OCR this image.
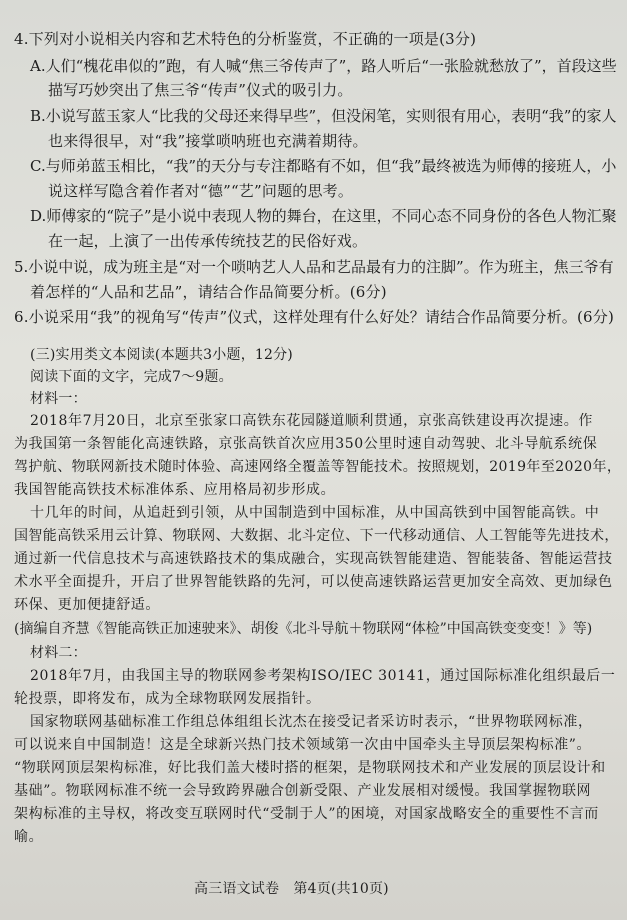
4.下列对小说相关内容和艺术特色的分析鉴赏，不正确的一项是(3分)
A.人们“槐花串似的”跑，有人喊“焦三爷传声了”，路人听后“一张脸就愁放了”，首段这些
描写巧妙突出了焦三爷“传声”仪式的吸引力。
B.小说写蓝玉家人“比我的父母还来得早些”，但没闲笔，实则很有用心，表明“我”的家人
也来得很早，对“我”接掌唢呐班也充满着期待。
C.与师弟蓝玉相比，“我”的天分与专注都略有不如，但“我”最终被选为师傅的接班人，小
说这样写隐含着作者对“德”“艺”问题的思考。
D.师傅家的“院子”是小说中表现人物的舞台，在这里，不同心态不同身份的各色人物汇聚
在一起，上演了一出传承传统技艺的民俗好戏。
5.小说中说，成为班主是“对一个唢呐艺人人品和艺品最有力的注脚”。作为班主，焦三爷有
着怎样的“人品和艺品”，请结合作品简要分析。(6分)
6.小说采用“我”的视角写“传声”仪式，这样处理有什么好处？请结合作品简要分析。(6分)
(三)实用类文本阅读(本题共3小题，12分)
阅读下面的文字，完成7～9题。
材料一：
2018年7月20日，北京至张家口高铁东花园隧道顺利贯通，京张高铁建设再次提速。作
为我国第一条智能化高速铁路，京张高铁首次应用350公里时速自动驾驶、北斗导航系统保
驾护航、物联网新技术随时体验、高速网络全覆盖等智能技术。按照规划，2019年至2020年，
我国智能高铁技术标准体系、应用格局初步形成。
十几年的时间，从追赶到引领，从中国制造到中国标准，从中国高铁到中国智能高铁。中
国智能高铁采用云计算、物联网、大数据、北斗定位、下一代移动通信、人工智能等先进技术，
通过新一代信息技术与高速铁路技术的集成融合，实现高铁智能建造、智能装备、智能运营技
术水平全面提升，开启了世界智能铁路的先河，可以使高速铁路运营更加安全高效、更加绿色
环保、更加便捷舒适。
(摘编自齐慧《智能高铁正加速驶来》、胡俊《北斗导航＋物联网“体检”中国高铁变变变！》等)
材料二：
2018年7月，由我国主导的物联网参考架构ISO/IEC 30141，通过国际标准化组织最后一
轮投票，即将发布，成为全球物联网发展指针。
国家物联网基础标准工作组总体组组长沈杰在接受记者采访时表示，“世界物联网标准，
可以说来自中国制造！这是全球新兴热门技术领域第一次由中国牵头主导顶层架构标准”。
“物联网顶层架构标准，好比我们盖大楼时搭的框架，是物联网技术和产业发展的顶层设计和
基础”。物联网标准不统一会导致跨界融合创新受限、产业发展相对缓慢。我国掌握物联网
架构标准的主导权，将改变互联网时代“受制于人”的困境，对国家战略安全的重要性不言而
喻。
高三语文试卷　第4页(共10页)
